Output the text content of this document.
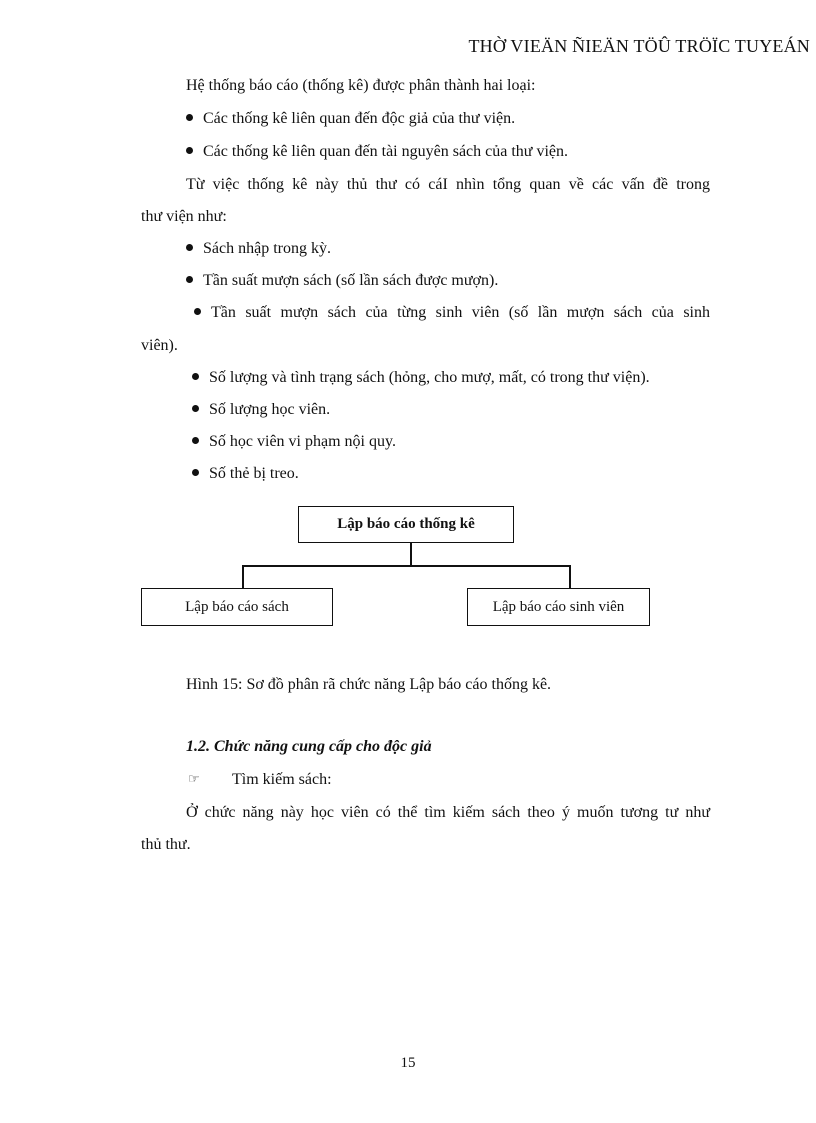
THỜ VIEÄN ÑIEÄN TÖÛ TRÖÏC TUYEÁN
Hệ thống báo cáo (thống kê) được phân thành hai loại:
Các thống kê liên quan đến độc giả của thư viện.
Các thống kê liên quan đến tài nguyên sách của thư viện.
Từ việc thống kê này thủ thư có cáI nhìn tổng quan về các vấn đề trong
thư viện như:
Sách nhập trong kỳ.
Tần suất mượn sách (số lần sách được mượn).
Tần suất mượn sách của từng sinh viên (số lần mượn sách của sinh
viên).
Số lượng và tình trạng sách (hỏng, cho mượ, mất, có trong thư viện).
Số lượng học viên.
Số học viên vi phạm nội quy.
Số thẻ bị treo.
Lập báo cáo thống kê
Lập báo cáo sách	Lập báo cáo sinh viên
Hình 15: Sơ đồ phân rã chức năng Lập báo cáo thống kê.
1.2. Chức năng cung cấp cho độc giả
☞ Tìm kiếm sách:
Ở chức năng này học viên có thể tìm kiếm sách theo ý muốn tương tư như
thủ thư.
15
